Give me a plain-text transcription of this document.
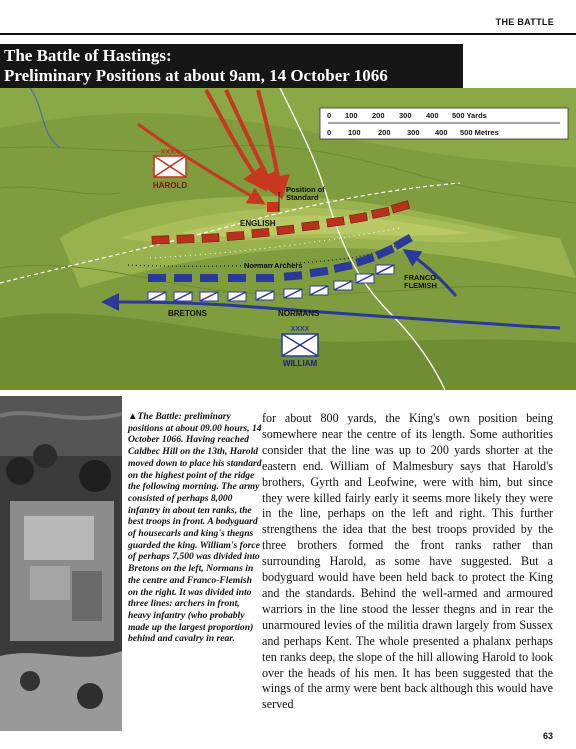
THE BATTLE
The Battle of Hastings:
Preliminary Positions at about 9am, 14 October 1066
0 100 200 300 400 500 Yards
0 100 200 300 400 500 Metres
XXXX
HAROLD	Position of
Standard
ENGLISH
Norman Archers
BRETONS	NORMANS
FRANCO-
FLEMISH
XXXX
WILLIAM
▲The Battle: preliminary positions at about 09.00 hours, 14 October 1066. Having reached Caldbec Hill on the 13th, Harold moved down to place his standard on the highest point of the ridge the following morning. The army consisted of perhaps 8,000 infantry in about ten ranks, the best troops in front. A bodyguard of housecarls and king's thegns guarded the king. William's force of perhaps 7,500 was divided into Bretons on the left, Normans in the centre and Franco-Flemish on the right. It was divided into three lines: archers in front, heavy infantry (who probably made up the largest proportion) behind and cavalry in rear.
for about 800 yards, the King's own position being somewhere near the centre of its length. Some authorities consider that the line was up to 200 yards shorter at the eastern end. William of Malmesbury says that Harold's brothers, Gyrth and Leofwine, were with him, but since they were killed fairly early it seems more likely they were in the line, perhaps on the left and right. This further strengthens the idea that the best troops provided by the three brothers formed the front ranks rather than surrounding Harold, as some have suggested. But a bodyguard would have been held back to protect the King and the standards. Behind the well-armed and armoured warriors in the line stood the lesser thegns and in rear the unarmoured levies of the militia drawn largely from Sussex and perhaps Kent. The whole presented a phalanx perhaps ten ranks deep, the slope of the hill allowing Harold to look over the heads of his men. It has been suggested that the wings of the army were bent back although this would have served
63
